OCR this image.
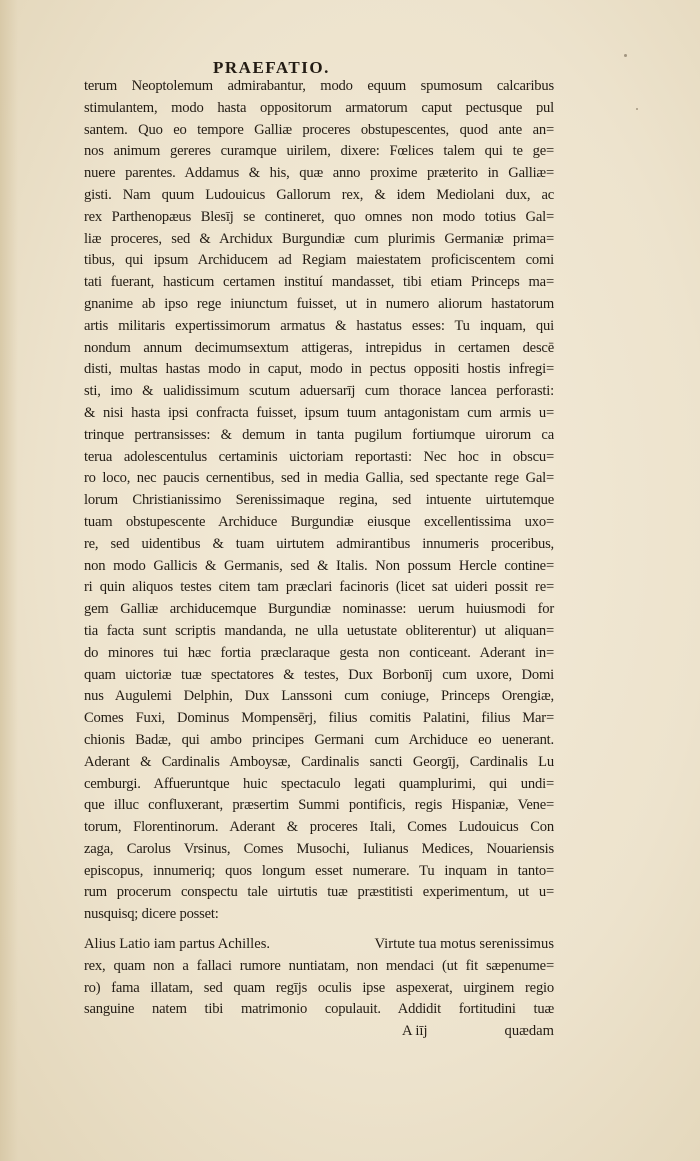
PRAEFATIO.
terum Neoptolemum admirabantur, modo equum spumosum calcaribus
stimulantem, modo hasta oppositorum armatorum caput pectusque pul
santem. Quo eo tempore Galliæ proceres obstupescentes, quod ante an=
nos animum gereres curamque uirilem, dixere: Fœlices talem qui te ge=
nuere parentes. Addamus & his, quæ anno proxime præterito in Galliæ=
gisti. Nam quum Ludouicus Gallorum rex, & idem Mediolani dux, ac
rex Parthenopæus Blesīj se contineret, quo omnes non modo totius Gal=
liæ proceres, sed & Archidux Burgundiæ cum plurimis Germaniæ prima=
tibus, qui ipsum Archiducem ad Regiam maiestatem proficiscentem comi
tati fuerant, hasticum certamen instituí mandasset, tibi etiam Princeps ma=
gnanime ab ipso rege iniunctum fuisset, ut in numero aliorum hastatorum
artis militaris expertissimorum armatus & hastatus esses: Tu inquam, qui
nondum annum decimumsextum attigeras, intrepidus in certamen descē
disti, multas hastas modo in caput, modo in pectus oppositi hostis infregi=
sti, imo & ualidissimum scutum aduersarīj cum thorace lancea perforasti:
& nisi hasta ipsi confracta fuisset, ipsum tuum antagonistam cum armis u=
trinque pertransisses: & demum in tanta pugilum fortiumque uirorum ca
terua adolescentulus certaminis uictoriam reportasti: Nec hoc in obscu=
ro loco, nec paucis cernentibus, sed in media Gallia, sed spectante rege Gal=
lorum Christianissimo Serenissimaque regina, sed intuente uirtutemque
tuam obstupescente Archiduce Burgundiæ eiusque excellentissima uxo=
re, sed uidentibus & tuam uirtutem admirantibus innumeris proceribus,
non modo Gallicis & Germanis, sed & Italis. Non possum Hercle contine=
ri quin aliquos testes citem tam præclari facinoris (licet sat uideri possit re=
gem Galliæ archiducemque Burgundiæ nominasse: uerum huiusmodi for
tia facta sunt scriptis mandanda, ne ulla uetustate obliterentur) ut aliquan=
do minores tui hæc fortia præclaraque gesta non conticeant. Aderant in=
quam uictoriæ tuæ spectatores & testes, Dux Borbonīj cum uxore, Domi
nus Augulemi Delphin, Dux Lanssoni cum coniuge, Princeps Orengiæ,
Comes Fuxi, Dominus Mompensērj, filius comitis Palatini, filius Mar=
chionis Badæ, qui ambo principes Germani cum Archiduce eo uenerant.
Aderant & Cardinalis Amboysæ, Cardinalis sancti Georgīj, Cardinalis Lu
cemburgi. Affueruntque huic spectaculo legati quamplurimi, qui undi=
que illuc confluxerant, præsertim Summi pontificis, regis Hispaniæ, Vene=
torum, Florentinorum. Aderant & proceres Itali, Comes Ludouicus Con
zaga, Carolus Vrsinus, Comes Musochi, Iulianus Medices, Nouariensis
episcopus, innumeriq; quos longum esset numerare. Tu inquam in tanto=
rum procerum conspectu tale uirtutis tuæ præstitisti experimentum, ut u=
nusquisq; dicere posset:
Alius Latio iam partus Achilles.	Virtute tua motus serenissimus
rex, quam non a fallaci rumore nuntiatam, non mendaci (ut fit sæpenume=
ro) fama illatam, sed quam regījs oculis ipse aspexerat, uirginem regio
sanguine natem tibi matrimonio copulauit. Addidit fortitudini tuæ
A iīj	quædam
